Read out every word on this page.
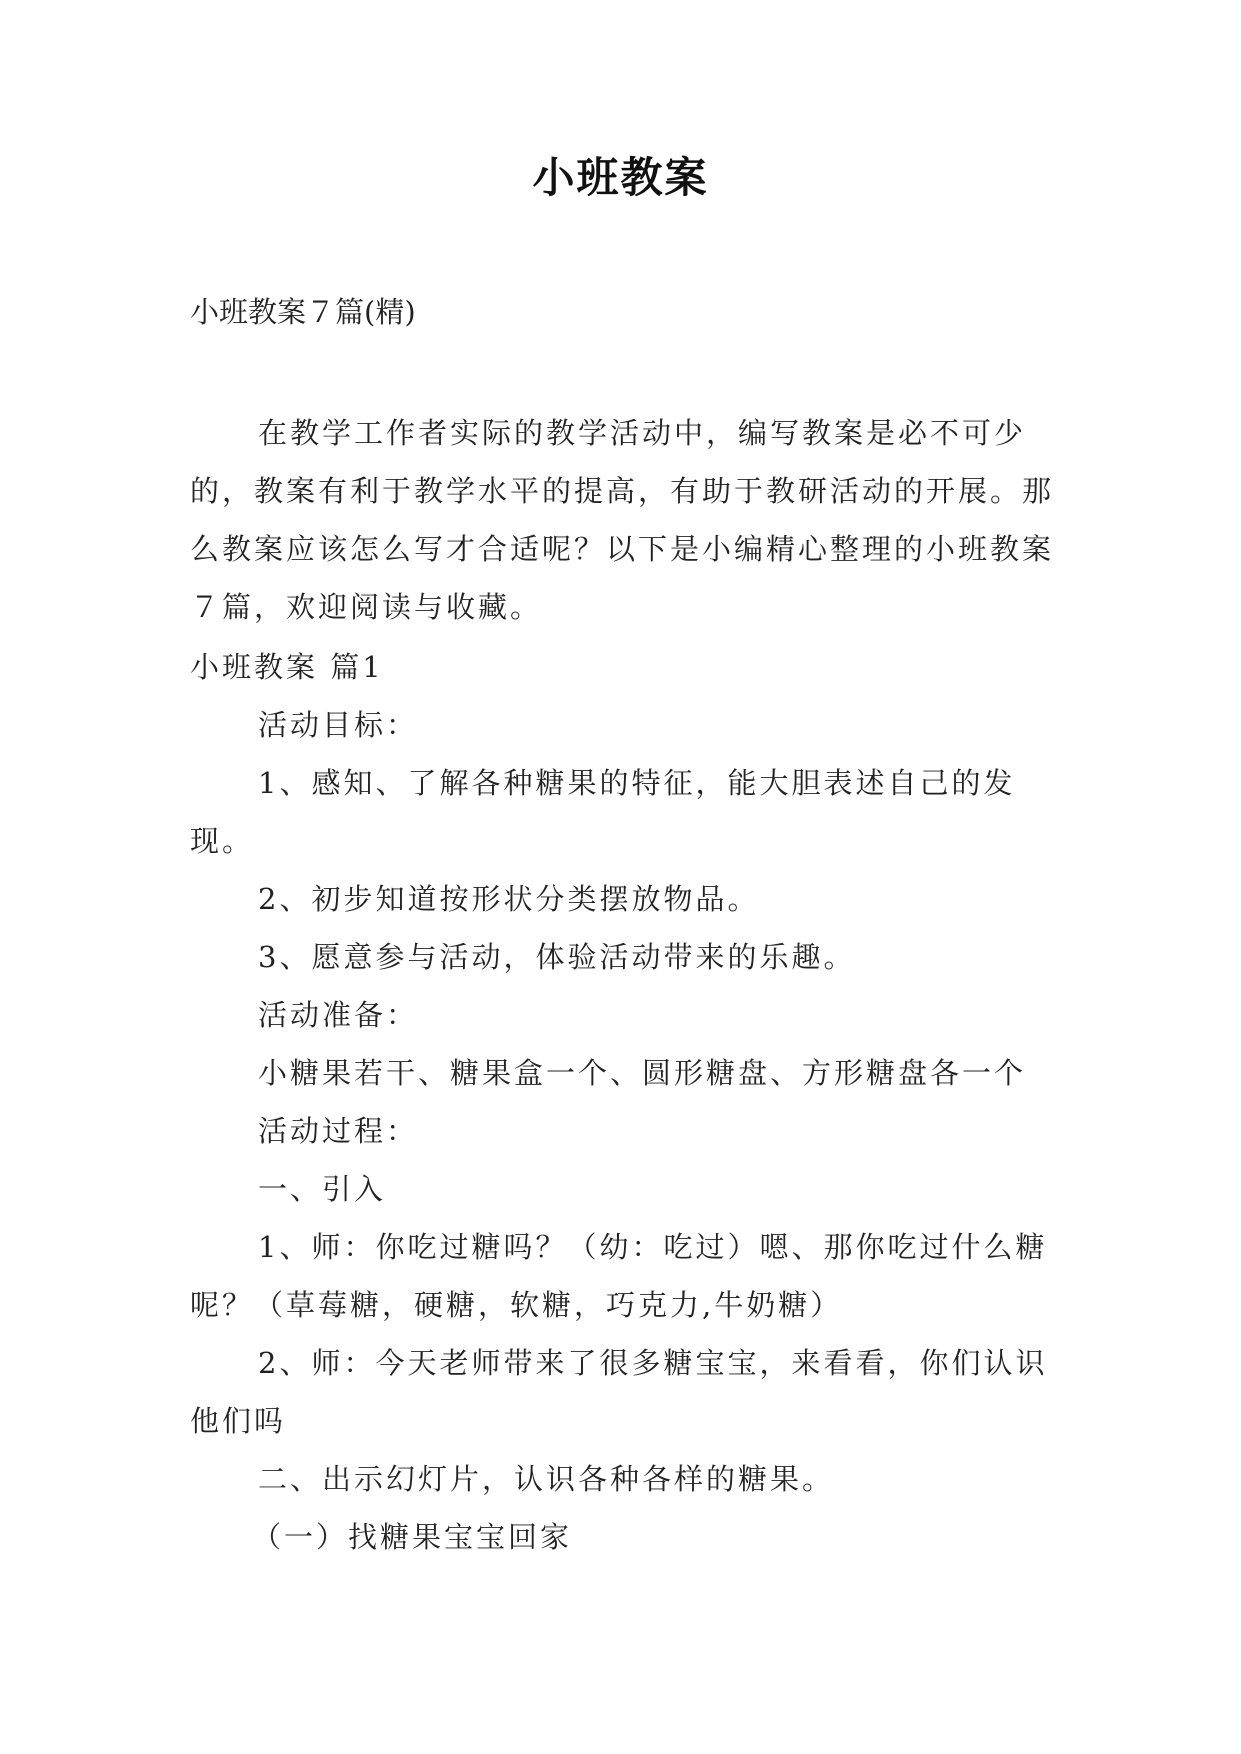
小班教案
小班教案７篇(精)

在教学工作者实际的教学活动中，编写教案是必不可少的，教案有利于教学水平的提高，有助于教研活动的开展。那么教案应该怎么写才合适呢？以下是小编精心整理的小班教案７篇，欢迎阅读与收藏。

小班教案 篇1

活动目标：

1、感知、了解各种糖果的特征，能大胆表述自己的发现。

2、初步知道按形状分类摆放物品。

3、愿意参与活动，体验活动带来的乐趣。

活动准备：

小糖果若干、糖果盒一个、圆形糖盘、方形糖盘各一个

活动过程：

一、引入

1、师：你吃过糖吗？（幼：吃过）嗯、那你吃过什么糖呢？（草莓糖，硬糖，软糖，巧克力,牛奶糖）

2、师：今天老师带来了很多糖宝宝，来看看，你们认识他们吗

二、出示幻灯片，认识各种各样的糖果。

（一）找糖果宝宝回家
